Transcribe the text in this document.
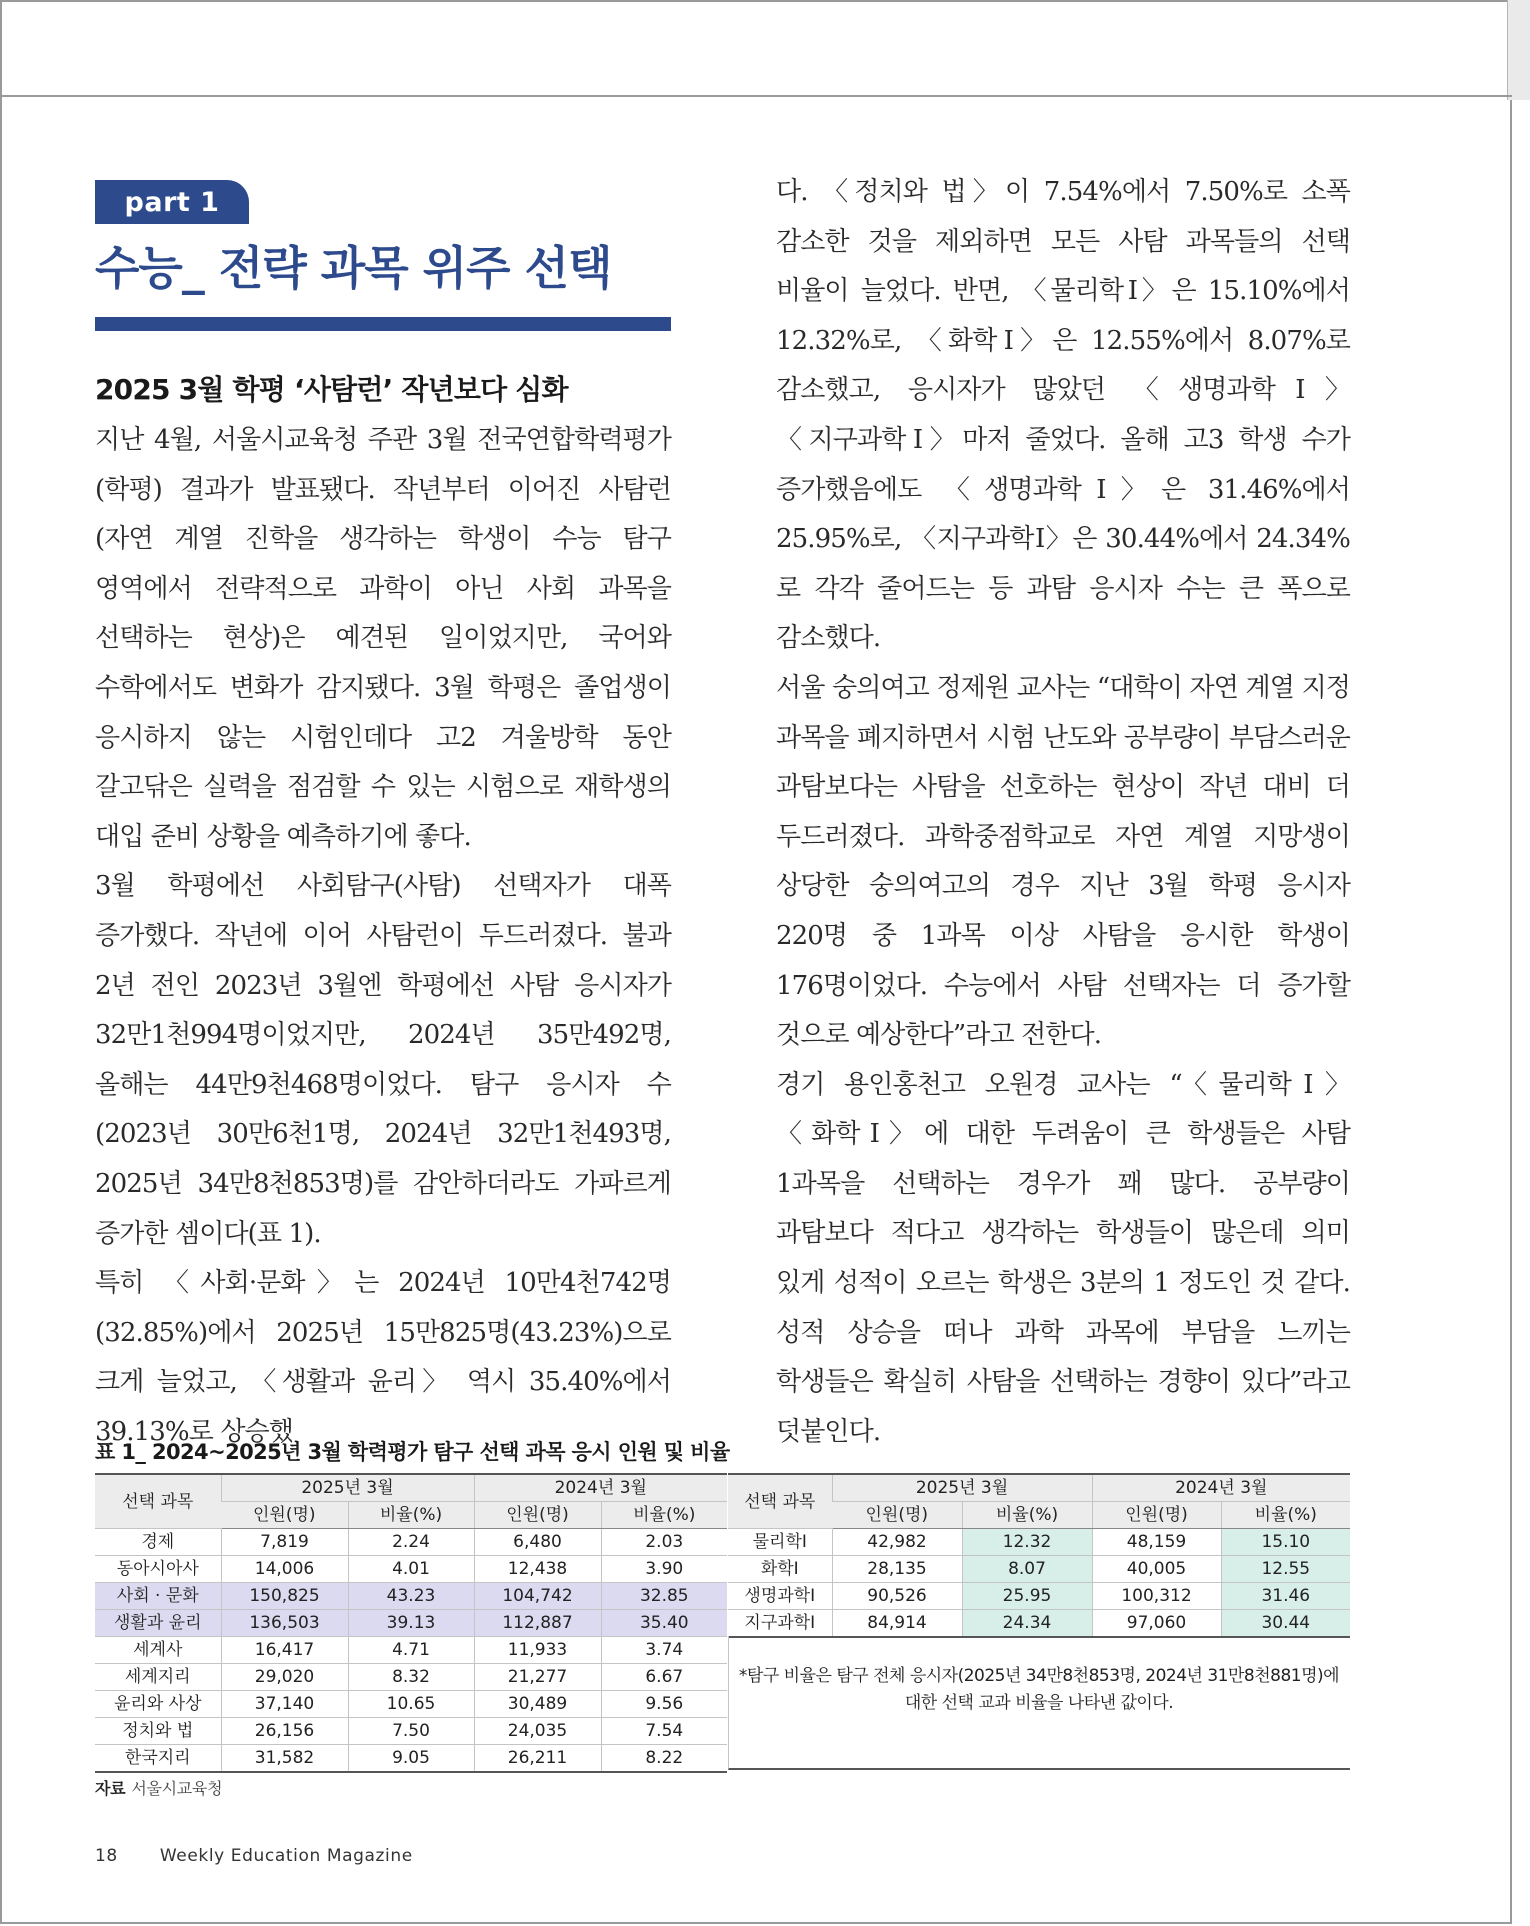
part 1
수능_ 전략 과목 위주 선택
2025 3월 학평 ‘사탐런’ 작년보다 심화

지난 4월, 서울시교육청 주관 3월 전국연합학력평가(학평) 결과가 발표됐다. 작년부터 이어진 사탐런(자연 계열 진학을 생각하는 학생이 수능 탐구 영역에서 전략적으로 과학이 아닌 사회 과목을 선택하는 현상)은 예견된 일이었지만, 국어와 수학에서도 변화가 감지됐다. 3월 학평은 졸업생이 응시하지 않는 시험인데다 고2 겨울방학 동안 갈고닦은 실력을 점검할 수 있는 시험으로 재학생의 대입 준비 상황을 예측하기에 좋다.

3월 학평에선 사회탐구(사탐) 선택자가 대폭 증가했다. 작년에 이어 사탐런이 두드러졌다. 불과 2년 전인 2023년 3월엔 학평에선 사탐 응시자가 32만1천994명이었지만, 2024년 35만492명, 올해는 44만9천468명이었다. 탐구 응시자 수(2023년 30만6천1명, 2024년 32만1천493명, 2025년 34만8천853명)를 감안하더라도 가파르게 증가한 셈이다(표 1).

특히 〈사회·문화〉는 2024년 10만4천742명(32.85%)에서 2025년 15만825명(43.23%)으로 크게 늘었고, 〈생활과 윤리〉 역시 35.40%에서 39.13%로 상승했

다. 〈정치와 법〉이 7.54%에서 7.50%로 소폭 감소한 것을 제외하면 모든 사탐 과목들의 선택 비율이 늘었다. 반면, 〈물리학Ⅰ〉은 15.10%에서 12.32%로, 〈화학Ⅰ〉은 12.55%에서 8.07%로 감소했고, 응시자가 많았던 〈생명과학Ⅰ〉 〈지구과학Ⅰ〉마저 줄었다. 올해 고3 학생 수가 증가했음에도 〈생명과학Ⅰ〉은 31.46%에서 25.95%로, 〈지구과학Ⅰ〉은 30.44%에서 24.34%로 각각 줄어드는 등 과탐 응시자 수는 큰 폭으로 감소했다.

서울 숭의여고 정제원 교사는 “대학이 자연 계열 지정 과목을 폐지하면서 시험 난도와 공부량이 부담스러운 과탐보다는 사탐을 선호하는 현상이 작년 대비 더 두드러졌다. 과학중점학교로 자연 계열 지망생이 상당한 숭의여고의 경우 지난 3월 학평 응시자 220명 중 1과목 이상 사탐을 응시한 학생이 176명이었다. 수능에서 사탐 선택자는 더 증가할 것으로 예상한다”라고 전한다.

경기 용인홍천고 오원경 교사는 “〈물리학Ⅰ〉 〈화학Ⅰ〉에 대한 두려움이 큰 학생들은 사탐 1과목을 선택하는 경우가 꽤 많다. 공부량이 과탐보다 적다고 생각하는 학생들이 많은데 의미 있게 성적이 오르는 학생은 3분의 1 정도인 것 같다. 성적 상승을 떠나 과학 과목에 부담을 느끼는 학생들은 확실히 사탐을 선택하는 경향이 있다”라고 덧붙인다.

표 1_ 2024~2025년 3월 학력평가 탐구 선택 과목 응시 인원 및 비율
선택 과목	2025년 3월		2024년 3월	
	인원(명)	비율(%)	인원(명)	비율(%)
경제	7,819	2.24	6,480	2.03
동아시아사	14,006	4.01	12,438	3.90
사회 · 문화	150,825	43.23	104,742	32.85
생활과 윤리	136,503	39.13	112,887	35.40
세계사	16,417	4.71	11,933	3.74
세계지리	29,020	8.32	21,277	6.67
윤리와 사상	37,140	10.65	30,489	9.56
정치와 법	26,156	7.50	24,035	7.54
한국지리	31,582	9.05	26,211	8.22
선택 과목	2025년 3월		2024년 3월	
	인원(명)	비율(%)	인원(명)	비율(%)
물리학Ⅰ	42,982	12.32	48,159	15.10
화학Ⅰ	28,135	8.07	40,005	12.55
생명과학Ⅰ	90,526	25.95	100,312	31.46
지구과학Ⅰ	84,914	24.34	97,060	30.44
*탐구 비율은 탐구 전체 응시자(2025년 34만8천853명, 2024년 31만8천881명)에
대한 선택 교과 비율을 나타낸 값이다.
자료 서울시교육청
18 Weekly Education Magazine
